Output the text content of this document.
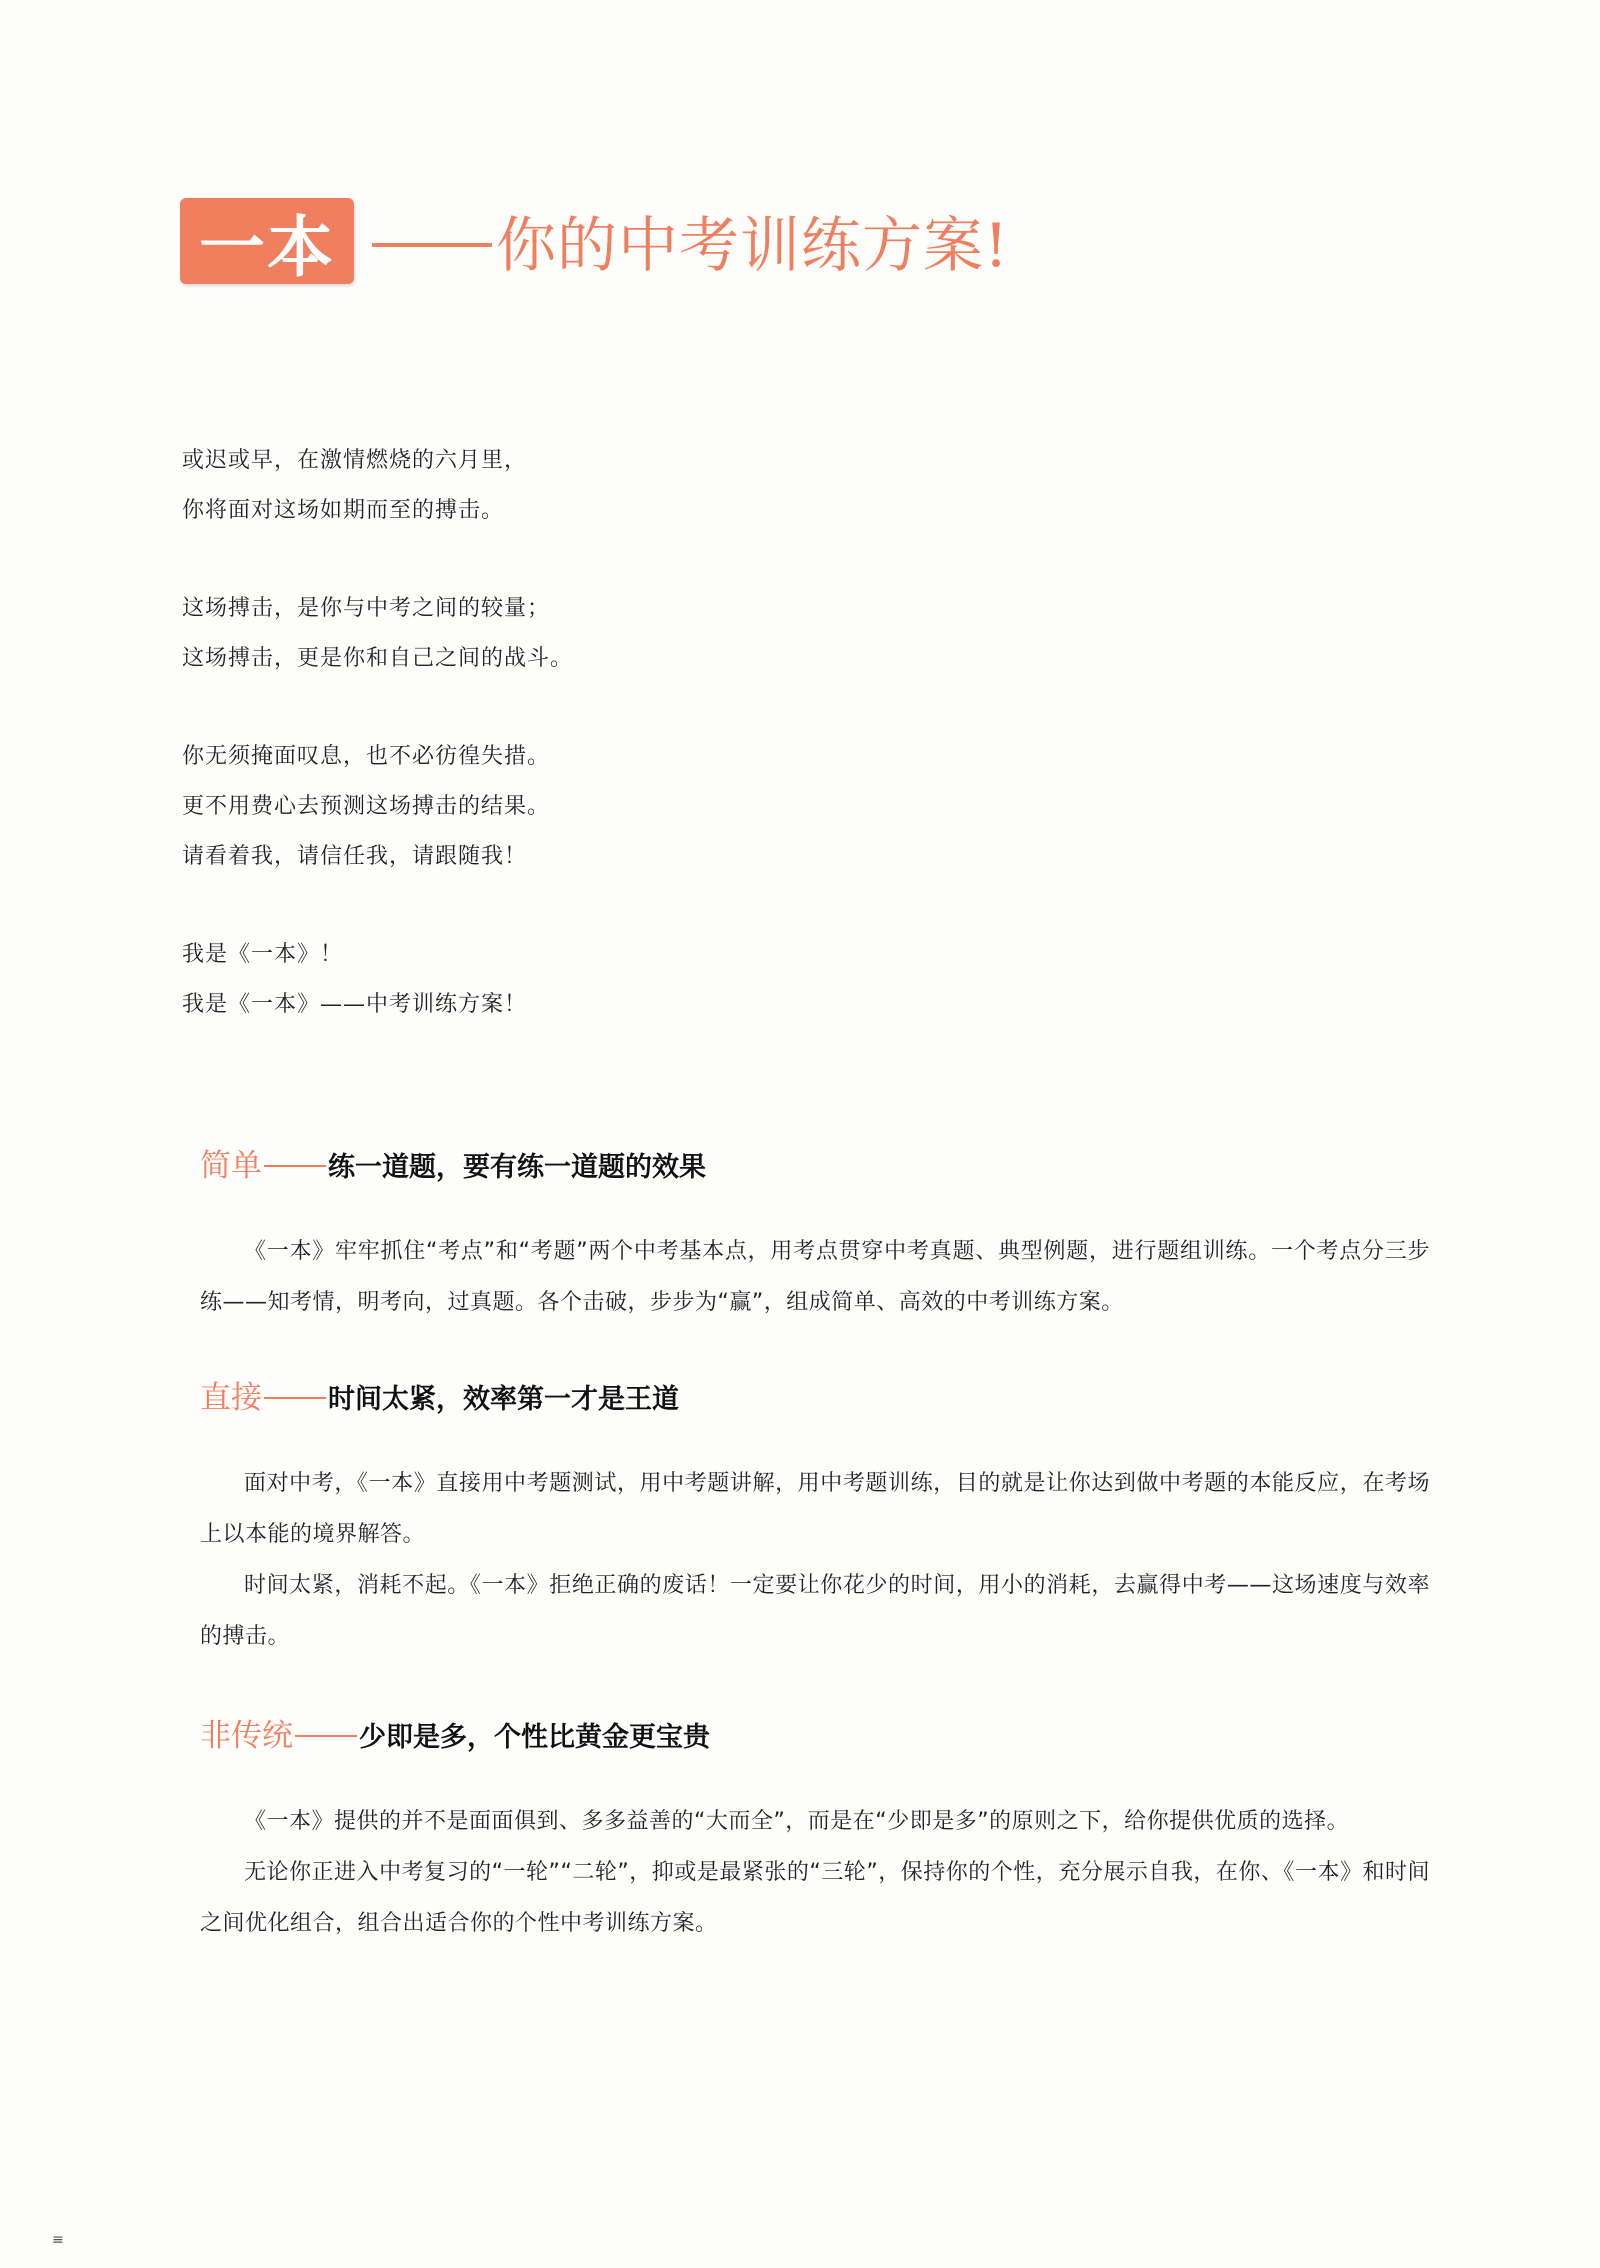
一本	你的中考训练方案!
或迟或早，在激情燃烧的六月里，
你将面对这场如期而至的搏击。
这场搏击，是你与中考之间的较量；
这场搏击，更是你和自己之间的战斗。
你无须掩面叹息，也不必彷徨失措。
更不用费心去预测这场搏击的结果。
请看着我，请信任我，请跟随我！
我是《一本》！
我是《一本》——中考训练方案！
简单 练一道题，要有练一道题的效果
《一本》牢牢抓住“考点”和“考题”两个中考基本点，用考点贯穿中考真题、典型例题，进行题组训练。一个考点分三步练——知考情，明考向，过真题。各个击破，步步为“赢”，组成简单、高效的中考训练方案。
直接 时间太紧，效率第一才是王道
面对中考，《一本》直接用中考题测试，用中考题讲解，用中考题训练，目的就是让你达到做中考题的本能反应，在考场上以本能的境界解答。
时间太紧，消耗不起。《一本》拒绝正确的废话！一定要让你花少的时间，用小的消耗，去赢得中考——这场速度与效率的搏击。
非传统 少即是多，个性比黄金更宝贵
《一本》提供的并不是面面俱到、多多益善的“大而全”，而是在“少即是多”的原则之下，给你提供优质的选择。
无论你正进入中考复习的“一轮”“二轮”，抑或是最紧张的“三轮”，保持你的个性，充分展示自我，在你、《一本》和时间之间优化组合，组合出适合你的个性中考训练方案。
≡
